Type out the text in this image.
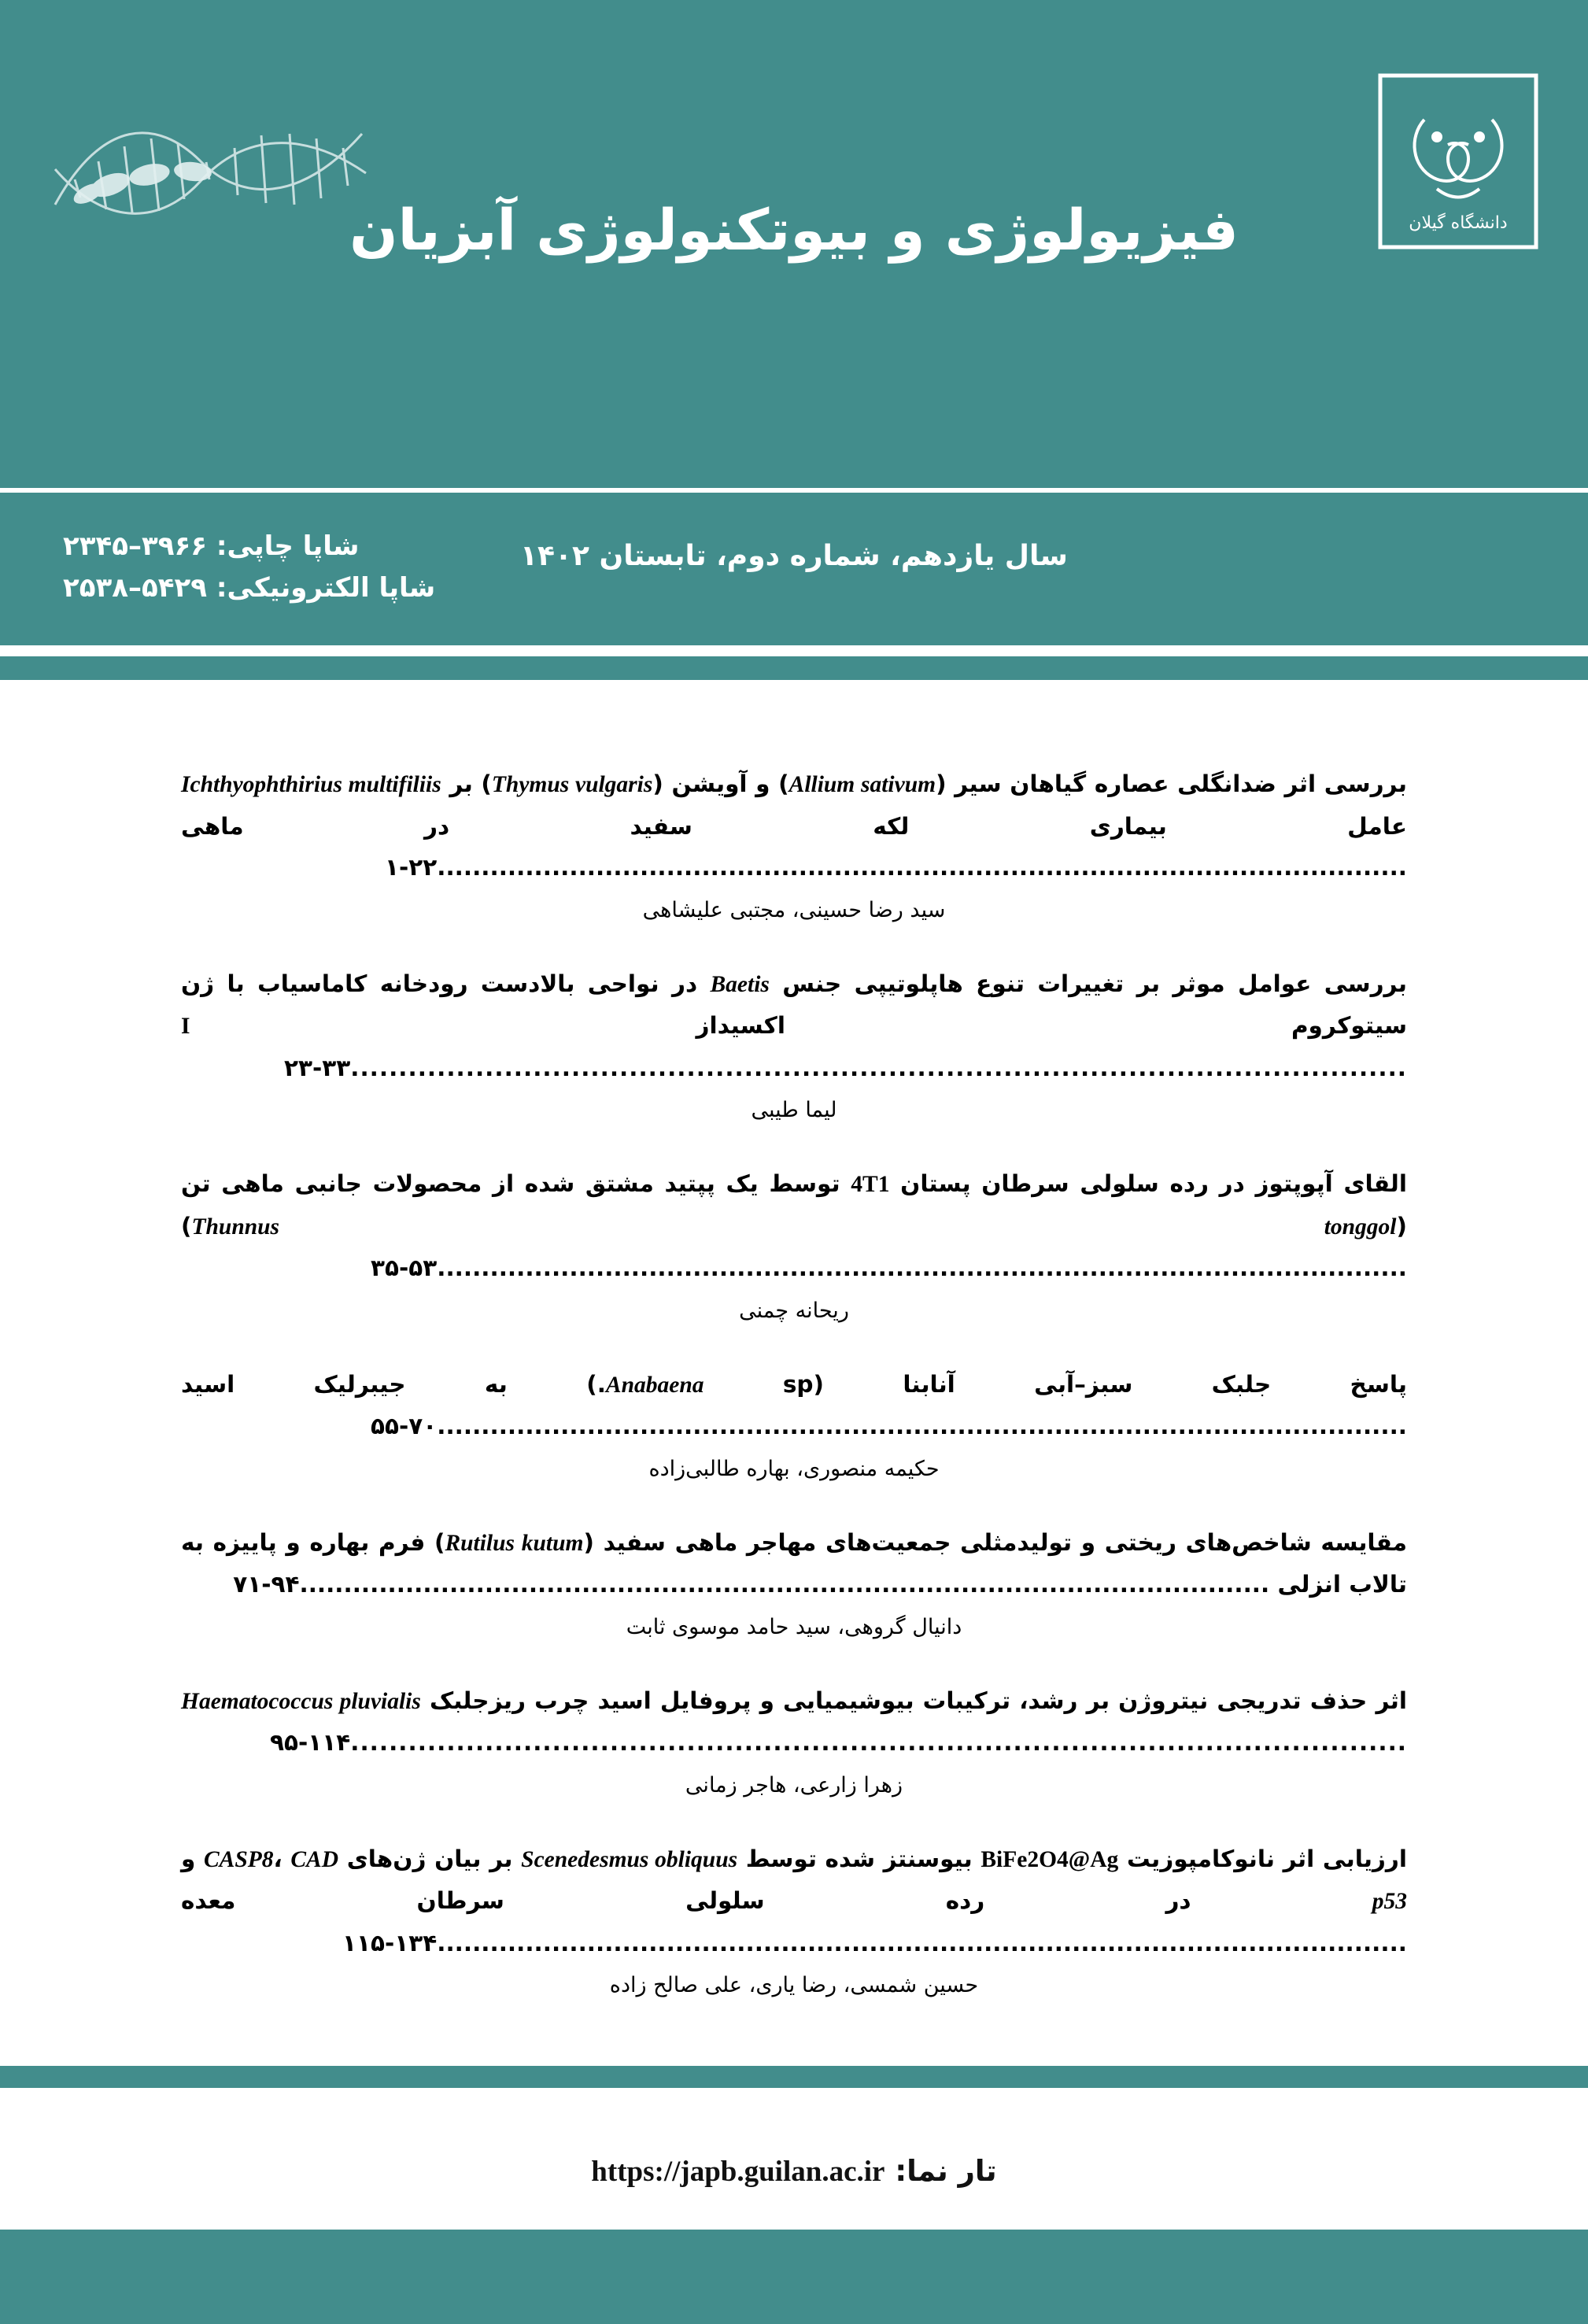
دانشگاه گیلان
فیزیولوژی و بیوتکنولوژی آبزیان
سال یازدهم، شماره دوم، تابستان ۱۴۰۲
شاپا چاپی: ۳۹۶۶–۲۳۴۵
شاپا الکترونیکی: ۵۴۲۹–۲۵۳۸
بررسی اثر ضدانگلی عصاره گیاهان سیر (Allium sativum) و آویشن (Thymus vulgaris) بر Ichthyophthirius multifiliis عامل بیماری لکه سفید در ماهی ..............................................................................................................۱-۲۲
سید رضا حسینی، مجتبی علیشاهی
بررسی عوامل موثر بر تغییرات تنوع هاپلوتیپی جنس Baetis در نواحی بالادست رودخانه کاماسیاب با ژن سیتوکروم اکسیداز I ..............................................................................................................۲۳-۳۳
لیما طیبی
القای آپوپتوز در رده سلولی سرطان پستان 4T1 توسط یک پپتید مشتق شده از محصولات جانبی ماهی تن (Thunnus tonggol) ..............................................................................................................۳۵-۵۳
ریحانه چمنی
پاسخ جلبک سبز–آبی آنابنا (Anabaena sp.) به جیبرلیک اسید ..............................................................................................................۵۵-۷۰
حکیمه منصوری، بهاره طالبی‌زاده
مقایسه شاخص‌های ریختی و تولیدمثلی جمعیت‌های مهاجر ماهی سفید (Rutilus kutum) فرم بهاره و پاییزه به تالاب انزلی ..............................................................................................................۷۱-۹۴
دانیال گروهی، سید حامد موسوی ثابت
اثر حذف تدریجی نیتروژن بر رشد، ترکیبات بیوشیمیایی و پروفایل اسید چرب ریزجلبک Haematococcus pluvialis ..............................................................................................................۹۵-۱۱۴
زهرا زارعی، هاجر زمانی
ارزیابی اثر نانوکامپوزیت BiFe2O4@Ag بیوسنتز شده توسط Scenedesmus obliquus بر بیان ژن‌های CASP8، CAD و p53 در رده سلولی سرطان معده ..............................................................................................................۱۱۵-۱۳۴
حسین شمسی، رضا یاری، علی صالح زاده
تار نما: https://japb.guilan.ac.ir
